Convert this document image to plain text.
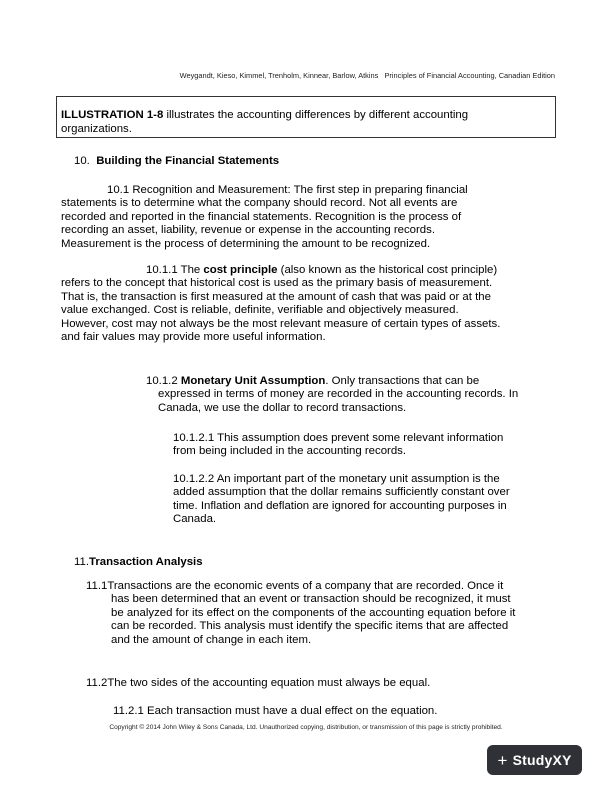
Weygandt, Kieso, Kimmel, Trenholm, Kinnear, Barlow, Atkins Principles of Financial Accounting, Canadian Edition
ILLUSTRATION 1-8 illustrates the accounting differences by different accounting
organizations.
10. Building the Financial Statements

10.1 Recognition and Measurement: The first step in preparing financial

statements is to determine what the company should record. Not all events are

recorded and reported in the financial statements. Recognition is the process of

recording an asset, liability, revenue or expense in the accounting records.

Measurement is the process of determining the amount to be recognized.

10.1.1 The cost principle (also known as the historical cost principle)

refers to the concept that historical cost is used as the primary basis of measurement.

That is, the transaction is first measured at the amount of cash that was paid or at the

value exchanged. Cost is reliable, definite, verifiable and objectively measured.

However, cost may not always be the most relevant measure of certain types of assets.

and fair values may provide more useful information.

10.1.2 Monetary Unit Assumption. Only transactions that can be

expressed in terms of money are recorded in the accounting records. In

Canada, we use the dollar to record transactions.

10.1.2.1 This assumption does prevent some relevant information

from being included in the accounting records.

10.1.2.2 An important part of the monetary unit assumption is the

added assumption that the dollar remains sufficiently constant over

time. Inflation and deflation are ignored for accounting purposes in

Canada.

11.Transaction Analysis

11.1Transactions are the economic events of a company that are recorded. Once it

has been determined that an event or transaction should be recognized, it must

be analyzed for its effect on the components of the accounting equation before it

can be recorded. This analysis must identify the specific items that are affected

and the amount of change in each item.

11.2The two sides of the accounting equation must always be equal.

11.2.1 Each transaction must have a dual effect on the equation.

Copyright © 2014 John Wiley & Sons Canada, Ltd. Unauthorized copying, distribution, or transmission of this page is strictly prohibited.
+ StudyXY
